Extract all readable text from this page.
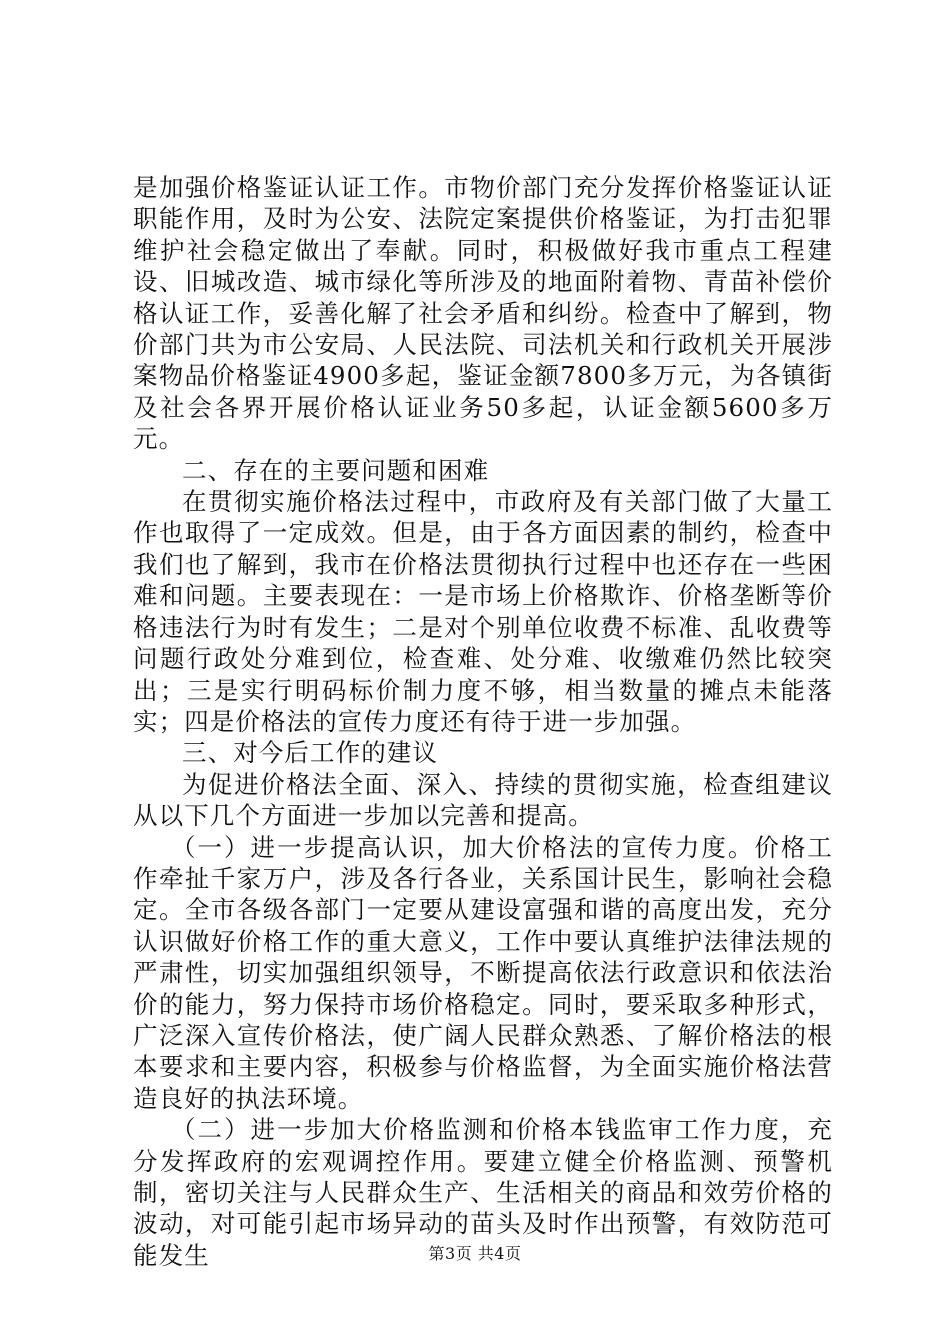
是加强价格鉴证认证工作。市物价部门充分发挥价格鉴证认证职能作用，及时为公安、法院定案提供价格鉴证，为打击犯罪维护社会稳定做出了奉献。同时，积极做好我市重点工程建设、旧城改造、城市绿化等所涉及的地面附着物、青苗补偿价格认证工作，妥善化解了社会矛盾和纠纷。检查中了解到，物价部门共为市公安局、人民法院、司法机关和行政机关开展涉案物品价格鉴证4900多起，鉴证金额7800多万元，为各镇街及社会各界开展价格认证业务50多起，认证金额5600多万元。

二、存在的主要问题和困难

在贯彻实施价格法过程中，市政府及有关部门做了大量工作也取得了一定成效。但是，由于各方面因素的制约，检查中我们也了解到，我市在价格法贯彻执行过程中也还存在一些困难和问题。主要表现在：一是市场上价格欺诈、价格垄断等价格违法行为时有发生；二是对个别单位收费不标准、乱收费等问题行政处分难到位，检查难、处分难、收缴难仍然比较突出；三是实行明码标价制力度不够，相当数量的摊点未能落实；四是价格法的宣传力度还有待于进一步加强。

三、对今后工作的建议

为促进价格法全面、深入、持续的贯彻实施，检查组建议从以下几个方面进一步加以完善和提高。

（一）进一步提高认识，加大价格法的宣传力度。价格工作牵扯千家万户，涉及各行各业，关系国计民生，影响社会稳定。全市各级各部门一定要从建设富强和谐的高度出发，充分认识做好价格工作的重大意义，工作中要认真维护法律法规的严肃性，切实加强组织领导，不断提高依法行政意识和依法治价的能力，努力保持市场价格稳定。同时，要采取多种形式，广泛深入宣传价格法，使广阔人民群众熟悉、了解价格法的根本要求和主要内容，积极参与价格监督，为全面实施价格法营造良好的执法环境。

（二）进一步加大价格监测和价格本钱监审工作力度，充分发挥政府的宏观调控作用。要建立健全价格监测、预警机制，密切关注与人民群众生产、生活相关的商品和效劳价格的波动，对可能引起市场异动的苗头及时作出预警，有效防范可能发生	第3页 共4页
